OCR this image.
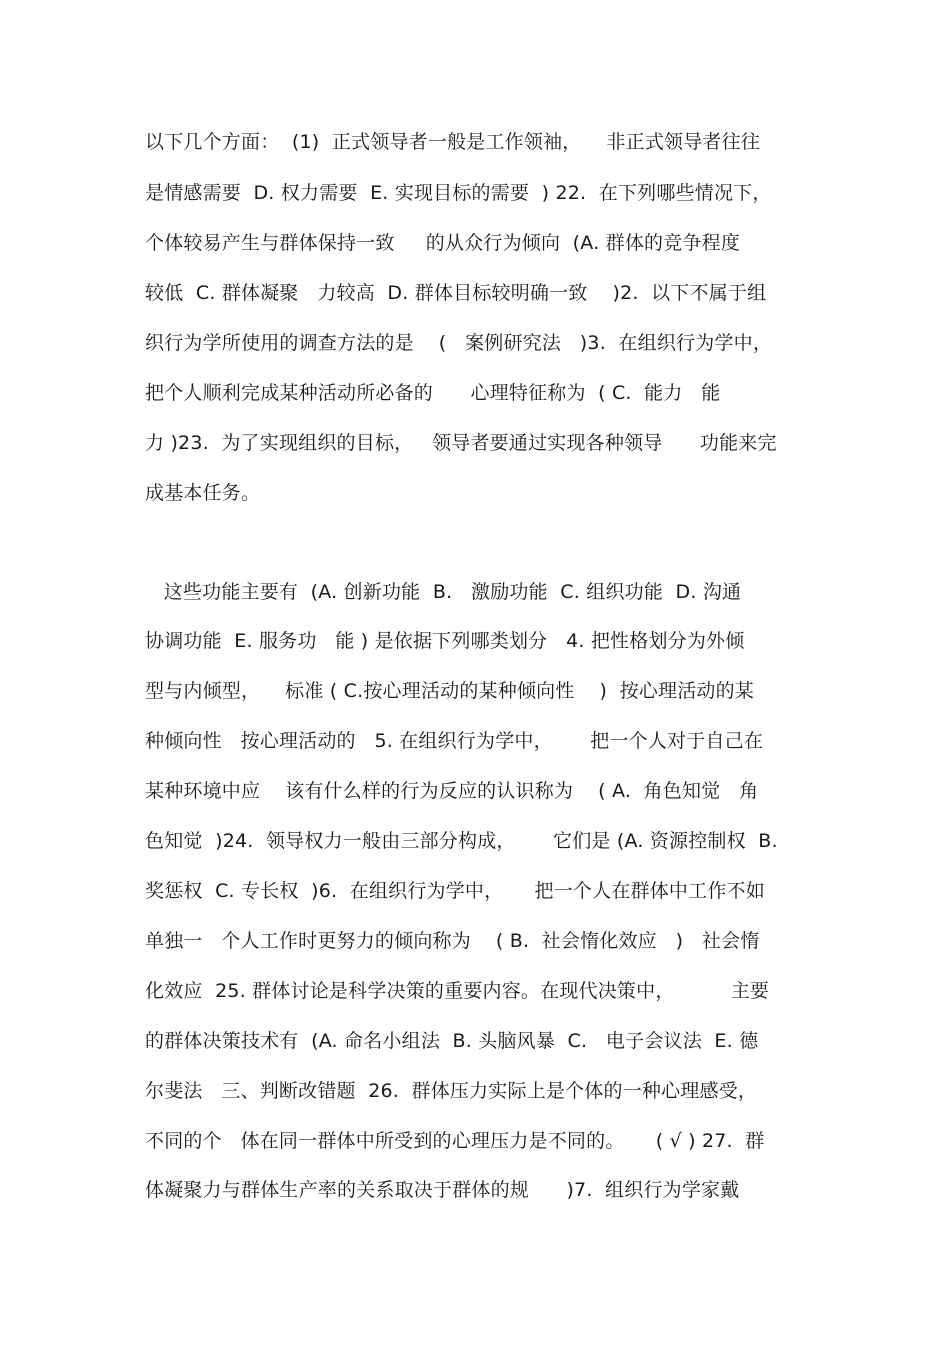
以下几个方面：  (1)  正式领导者一般是工作领袖，    非正式领导者往往
是情感需要  D. 权力需要  E. 实现目标的需要  ) 22.  在下列哪些情况下，
个体较易产生与群体保持一致     的从众行为倾向  (A. 群体的竞争程度
较低  C. 群体凝聚   力较高  D. 群体目标较明确一致    )2.  以下不属于组
织行为学所使用的调查方法的是    (   案例研究法   )3.  在组织行为学中，
把个人顺利完成某种活动所必备的      心理特征称为  ( C.  能力   能
力 )23.  为了实现组织的目标，   领导者要通过实现各种领导      功能来完
成基本任务。
这些功能主要有  (A. 创新功能  B.   激励功能  C. 组织功能  D. 沟通
协调功能  E. 服务功   能 ) 是依据下列哪类划分   4. 把性格划分为外倾
型与内倾型，    标准 ( C.按心理活动的某种倾向性    )  按心理活动的某
种倾向性   按心理活动的   5. 在组织行为学中，      把一个人对于自己在
某种环境中应    该有什么样的行为反应的认识称为    ( A.  角色知觉   角
色知觉  )24.  领导权力一般由三部分构成，      它们是 (A. 资源控制权  B.
奖惩权  C. 专长权  )6.  在组织行为学中，     把一个人在群体中工作不如
单独一   个人工作时更努力的倾向称为    ( B.  社会惰化效应   )   社会惰
化效应  25. 群体讨论是科学决策的重要内容。在现代决策中，         主要
的群体决策技术有  (A. 命名小组法  B. 头脑风暴  C.   电子会议法  E. 德
尔斐法   三、判断改错题  26.  群体压力实际上是个体的一种心理感受，
不同的个   体在同一群体中所受到的心理压力是不同的。     ( √ ) 27.  群
体凝聚力与群体生产率的关系取决于群体的规      )7.  组织行为学家戴
